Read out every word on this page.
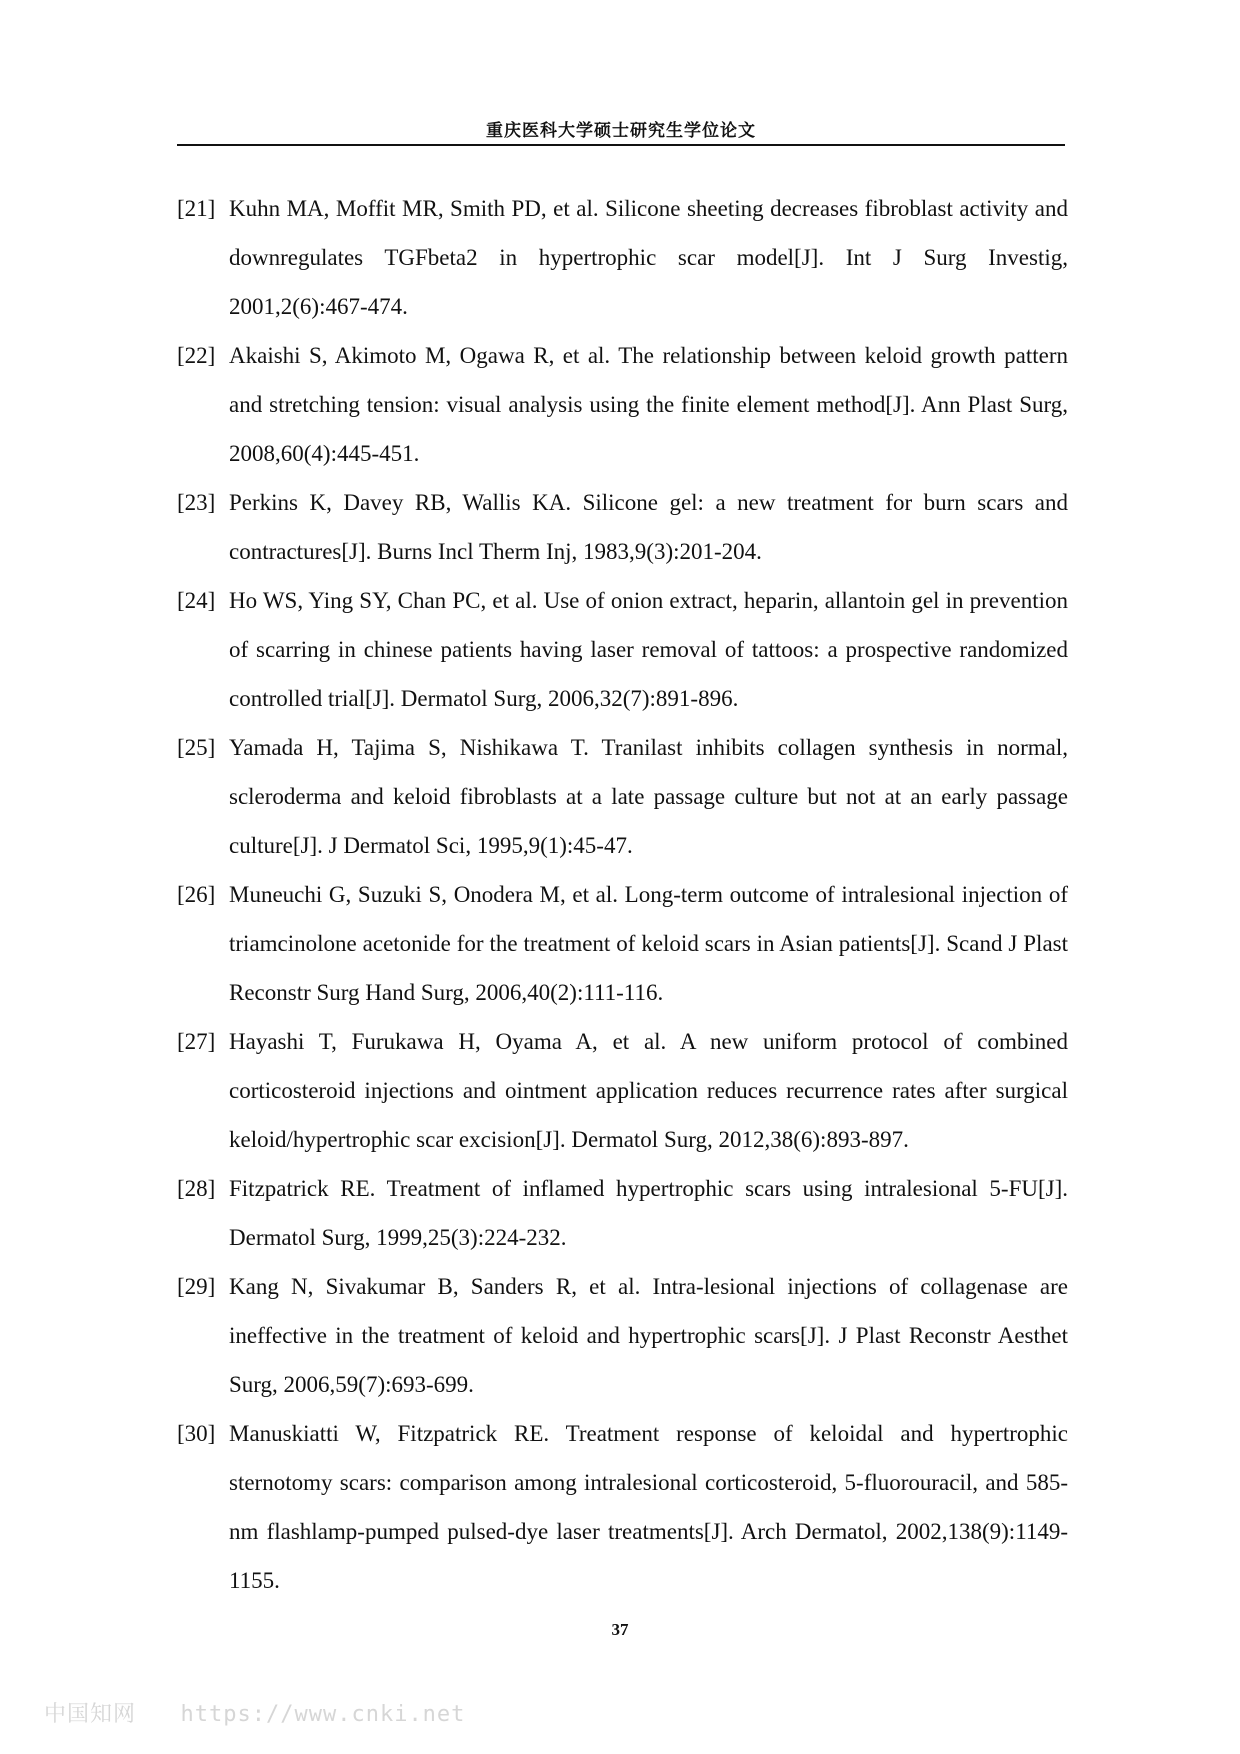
重庆医科大学硕士研究生学位论文
[21] Kuhn MA, Moffit MR, Smith PD, et al. Silicone sheeting decreases fibroblast activity and downregulates TGFbeta2 in hypertrophic scar model[J]. Int J Surg Investig, 2001,2(6):467-474.
[22] Akaishi S, Akimoto M, Ogawa R, et al. The relationship between keloid growth pattern and stretching tension: visual analysis using the finite element method[J]. Ann Plast Surg, 2008,60(4):445-451.
[23] Perkins K, Davey RB, Wallis KA. Silicone gel: a new treatment for burn scars and contractures[J]. Burns Incl Therm Inj, 1983,9(3):201-204.
[24] Ho WS, Ying SY, Chan PC, et al. Use of onion extract, heparin, allantoin gel in prevention of scarring in chinese patients having laser removal of tattoos: a prospective randomized controlled trial[J]. Dermatol Surg, 2006,32(7):891-896.
[25] Yamada H, Tajima S, Nishikawa T. Tranilast inhibits collagen synthesis in normal, scleroderma and keloid fibroblasts at a late passage culture but not at an early passage culture[J]. J Dermatol Sci, 1995,9(1):45-47.
[26] Muneuchi G, Suzuki S, Onodera M, et al. Long-term outcome of intralesional injection of triamcinolone acetonide for the treatment of keloid scars in Asian patients[J]. Scand J Plast Reconstr Surg Hand Surg, 2006,40(2):111-116.
[27] Hayashi T, Furukawa H, Oyama A, et al. A new uniform protocol of combined corticosteroid injections and ointment application reduces recurrence rates after surgical keloid/hypertrophic scar excision[J]. Dermatol Surg, 2012,38(6):893-897.
[28] Fitzpatrick RE. Treatment of inflamed hypertrophic scars using intralesional 5-FU[J]. Dermatol Surg, 1999,25(3):224-232.
[29] Kang N, Sivakumar B, Sanders R, et al. Intra-lesional injections of collagenase are ineffective in the treatment of keloid and hypertrophic scars[J]. J Plast Reconstr Aesthet Surg, 2006,59(7):693-699.
[30] Manuskiatti W, Fitzpatrick RE. Treatment response of keloidal and hypertrophic sternotomy scars: comparison among intralesional corticosteroid, 5-fluorouracil, and 585-nm flashlamp-pumped pulsed-dye laser treatments[J]. Arch Dermatol, 2002,138(9):1149-1155.
37
中国知网 https://www.cnki.net
